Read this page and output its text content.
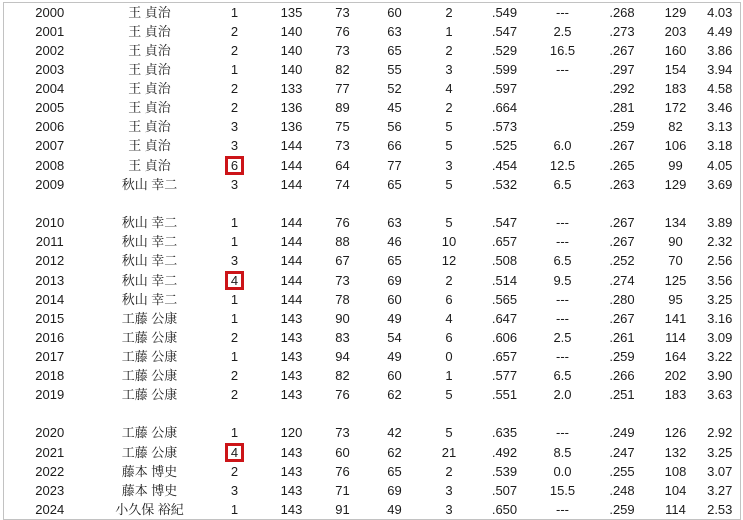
2000	王 貞治	1	135	73	60	2	.549	---	.268	129	4.03
2001	王 貞治	2	140	76	63	1	.547	2.5	.273	203	4.49
2002	王 貞治	2	140	73	65	2	.529	16.5	.267	160	3.86
2003	王 貞治	1	140	82	55	3	.599	---	.297	154	3.94
2004	王 貞治	2	133	77	52	4	.597		.292	183	4.58
2005	王 貞治	2	136	89	45	2	.664		.281	172	3.46
2006	王 貞治	3	136	75	56	5	.573		.259	82	3.13
2007	王 貞治	3	144	73	66	5	.525	6.0	.267	106	3.18
2008	王 貞治	6	144	64	77	3	.454	12.5	.265	99	4.05
2009	秋山 幸二	3	144	74	65	5	.532	6.5	.263	129	3.69

2010	秋山 幸二	1	144	76	63	5	.547	---	.267	134	3.89
2011	秋山 幸二	1	144	88	46	10	.657	---	.267	90	2.32
2012	秋山 幸二	3	144	67	65	12	.508	6.5	.252	70	2.56
2013	秋山 幸二	4	144	73	69	2	.514	9.5	.274	125	3.56
2014	秋山 幸二	1	144	78	60	6	.565	---	.280	95	3.25
2015	工藤 公康	1	143	90	49	4	.647	---	.267	141	3.16
2016	工藤 公康	2	143	83	54	6	.606	2.5	.261	114	3.09
2017	工藤 公康	1	143	94	49	0	.657	---	.259	164	3.22
2018	工藤 公康	2	143	82	60	1	.577	6.5	.266	202	3.90
2019	工藤 公康	2	143	76	62	5	.551	2.0	.251	183	3.63

2020	工藤 公康	1	120	73	42	5	.635	---	.249	126	2.92
2021	工藤 公康	4	143	60	62	21	.492	8.5	.247	132	3.25
2022	藤本 博史	2	143	76	65	2	.539	0.0	.255	108	3.07
2023	藤本 博史	3	143	71	69	3	.507	15.5	.248	104	3.27
2024	小久保 裕紀	1	143	91	49	3	.650	---	.259	114	2.53
